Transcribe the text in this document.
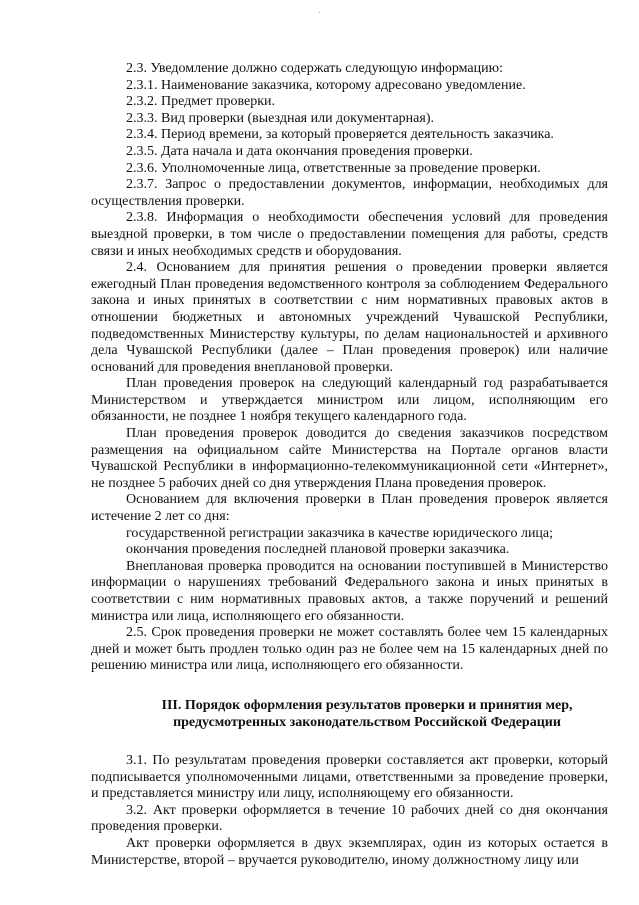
.

2.3. Уведомление должно содержать следующую информацию:

2.3.1. Наименование заказчика, которому адресовано уведомление.

2.3.2. Предмет проверки.

2.3.3. Вид проверки (выездная или документарная).

2.3.4. Период времени, за который проверяется деятельность заказчика.

2.3.5. Дата начала и дата окончания проведения проверки.

2.3.6. Уполномоченные лица, ответственные за проведение проверки.

2.3.7. Запрос о предоставлении документов, информации, необходимых для осуществления проверки.

2.3.8. Информация о необходимости обеспечения условий для проведения выездной проверки, в том числе о предоставлении помещения для работы, средств связи и иных необходимых средств и оборудования.

2.4. Основанием для принятия решения о проведении проверки является ежегодный План проведения ведомственного контроля за соблюдением Федерального закона и иных принятых в соответствии с ним нормативных правовых актов в отношении бюджетных и автономных учреждений Чувашской Республики, подведомственных Министерству культуры, по делам национальностей и архивного дела Чувашской Республики (далее – План проведения проверок) или наличие оснований для проведения внеплановой проверки.

План проведения проверок на следующий календарный год разрабатывается Министерством и утверждается министром или лицом, исполняющим его обязанности, не позднее 1 ноября текущего календарного года.

План проведения проверок доводится до сведения заказчиков посредством размещения на официальном сайте Министерства на Портале органов власти Чувашской Республики в информационно-телекоммуникационной сети «Интернет», не позднее 5 рабочих дней со дня утверждения Плана проведения проверок.

Основанием для включения проверки в План проведения проверок является истечение 2 лет со дня:

государственной регистрации заказчика в качестве юридического лица;

окончания проведения последней плановой проверки заказчика.

Внеплановая проверка проводится на основании поступившей в Министерство информации о нарушениях требований Федерального закона и иных принятых в соответствии с ним нормативных правовых актов, а также поручений и решений министра или лица, исполняющего его обязанности.

2.5. Срок проведения проверки не может составлять более чем 15 календарных дней и может быть продлен только один раз не более чем на 15 календарных дней по решению министра или лица, исполняющего его обязанности.

III. Порядок оформления результатов проверки и принятия мер,
предусмотренных законодательством Российской Федерации

3.1. По результатам проведения проверки составляется акт проверки, который подписывается уполномоченными лицами, ответственными за проведение проверки, и представляется министру или лицу, исполняющему его обязанности.

3.2. Акт проверки оформляется в течение 10 рабочих дней со дня окончания проведения проверки.

Акт проверки оформляется в двух экземплярах, один из которых остается в Министерстве, второй – вручается руководителю, иному должностному лицу или
